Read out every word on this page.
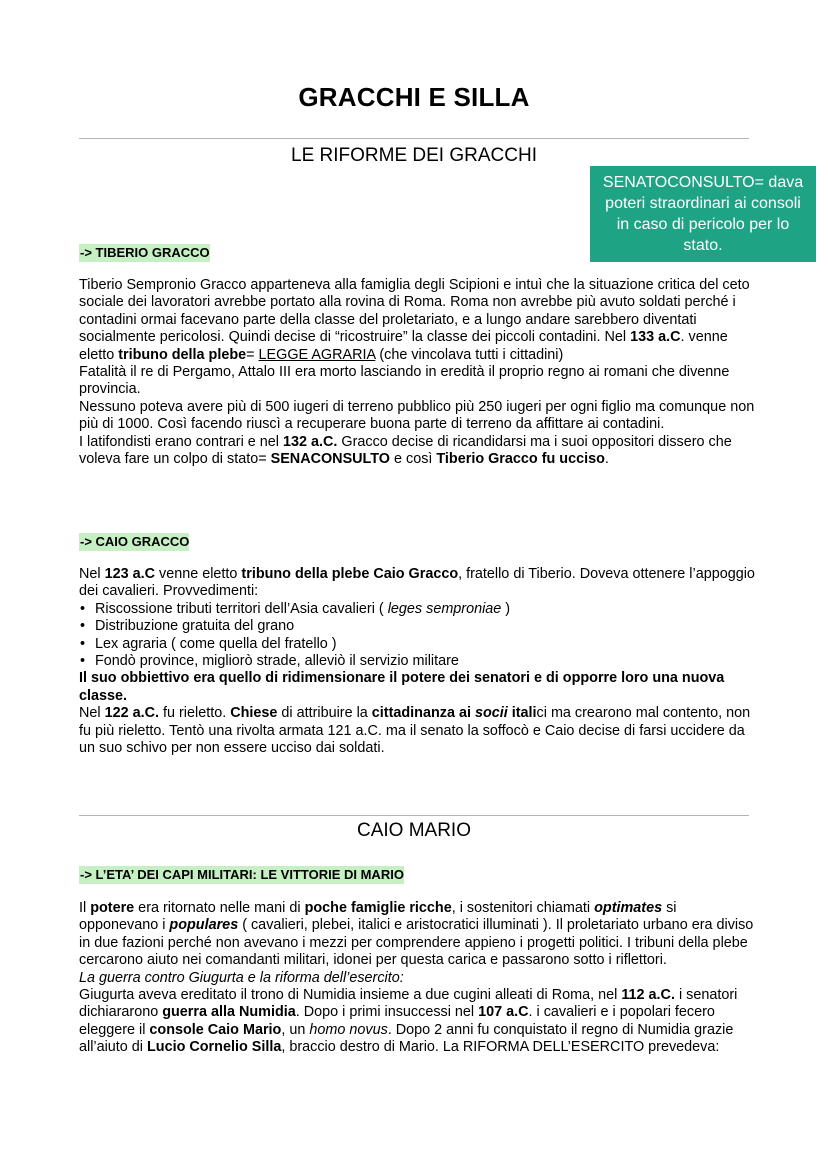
GRACCHI E SILLA
LE RIFORME DEI GRACCHI
SENATOCONSULTO= dava poteri straordinari ai consoli in caso di pericolo per lo stato.
-> TIBERIO GRACCO

Tiberio Sempronio Gracco apparteneva alla famiglia degli Scipioni e intuì che la situazione critica del ceto sociale dei lavoratori avrebbe portato alla rovina di Roma. Roma non avrebbe più avuto soldati perché i contadini ormai facevano parte della classe del proletariato, e a lungo andare sarebbero diventati socialmente pericolosi. Quindi decise di “ricostruire” la classe dei piccoli contadini. Nel 133 a.C. venne eletto tribuno della plebe= LEGGE AGRARIA (che vincolava tutti i cittadini)

Fatalità il re di Pergamo, Attalo III era morto lasciando in eredità il proprio regno ai romani che divenne provincia.

Nessuno poteva avere più di 500 iugeri di terreno pubblico più 250 iugeri per ogni figlio ma comunque non più di 1000. Così facendo riuscì a recuperare buona parte di terreno da affittare ai contadini.

I latifondisti erano contrari e nel 132 a.C. Gracco decise di ricandidarsi ma i suoi oppositori dissero che voleva fare un colpo di stato= SENACONSULTO e così Tiberio Gracco fu ucciso.

-> CAIO GRACCO

Nel 123 a.C venne eletto tribuno della plebe Caio Gracco, fratello di Tiberio. Doveva ottenere l’appoggio dei cavalieri. Provvedimenti:

• Riscossione tributi territori dell’Asia cavalieri ( leges semproniae )
• Distribuzione gratuita del grano
• Lex agraria ( come quella del fratello )
• Fondò province, migliorò strade, alleviò il servizio militare

Il suo obbiettivo era quello di ridimensionare il potere dei senatori e di opporre loro una nuova classe.

Nel 122 a.C. fu rieletto. Chiese di attribuire la cittadinanza ai socii italici ma crearono mal contento, non fu più rieletto. Tentò una rivolta armata 121 a.C. ma il senato la soffocò e Caio decise di farsi uccidere da un suo schivo per non essere ucciso dai soldati.

CAIO MARIO
-> L’ETA’ DEI CAPI MILITARI: LE VITTORIE DI MARIO

Il potere era ritornato nelle mani di poche famiglie ricche, i sostenitori chiamati optimates si opponevano i populares ( cavalieri, plebei, italici e aristocratici illuminati ). Il proletariato urbano era diviso in due fazioni perché non avevano i mezzi per comprendere appieno i progetti politici. I tribuni della plebe cercarono aiuto nei comandanti militari, idonei per questa carica e passarono sotto i riflettori.

La guerra contro Giugurta e la riforma dell’esercito:

Giugurta aveva ereditato il trono di Numidia insieme a due cugini alleati di Roma, nel 112 a.C. i senatori dichiararono guerra alla Numidia. Dopo i primi insuccessi nel 107 a.C. i cavalieri e i popolari fecero eleggere il console Caio Mario, un homo novus. Dopo 2 anni fu conquistato il regno di Numidia grazie all’aiuto di Lucio Cornelio Silla, braccio destro di Mario. La RIFORMA DELL’ESERCITO prevedeva:
